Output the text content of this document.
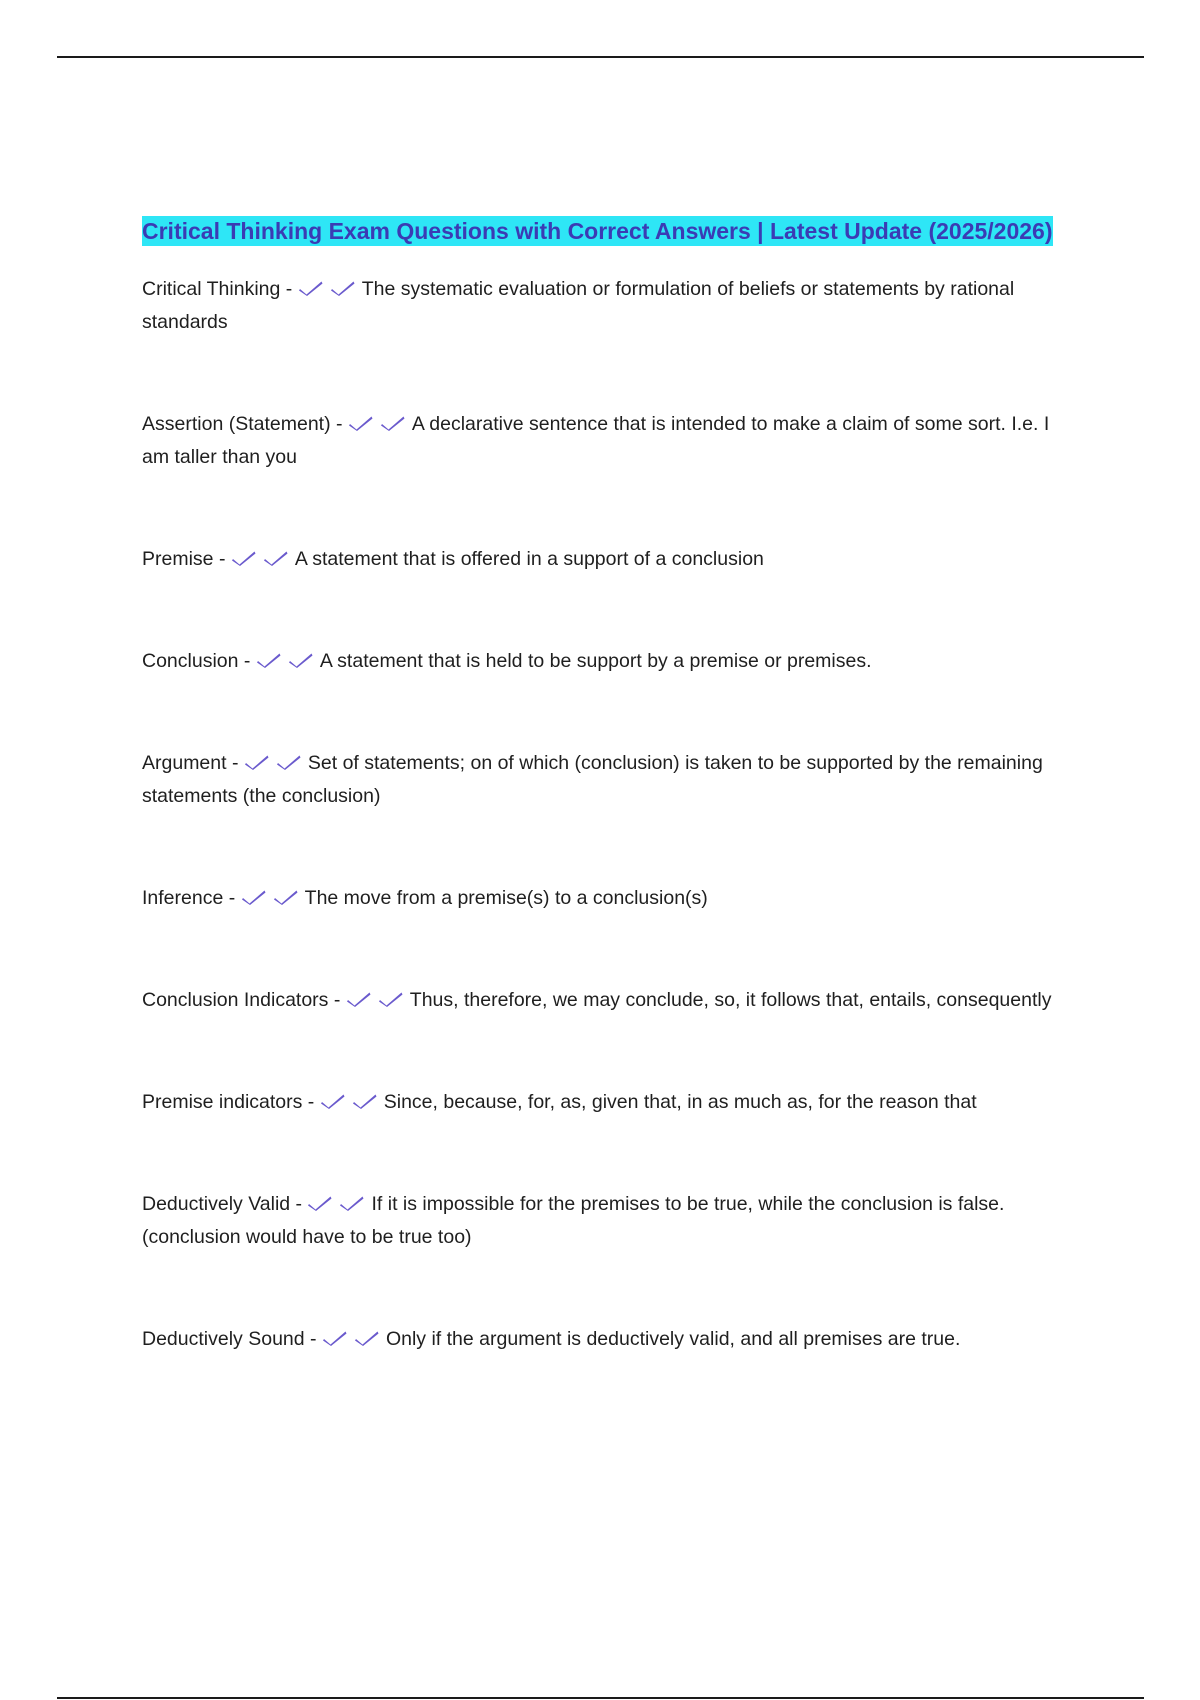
Critical Thinking Exam Questions with Correct Answers | Latest Update (2025/2026)

Critical Thinking -	The systematic evaluation or formulation of beliefs or statements by rational standards

Assertion (Statement) -	A declarative sentence that is intended to make a claim of some sort. I.e. I am taller than you

Premise -	A statement that is offered in a support of a conclusion

Conclusion -	A statement that is held to be support by a premise or premises.

Argument -	Set of statements; on of which (conclusion) is taken to be supported by the remaining statements (the conclusion)

Inference -	The move from a premise(s) to a conclusion(s)

Conclusion Indicators -	Thus, therefore, we may conclude, so, it follows that, entails, consequently

Premise indicators -	Since, because, for, as, given that, in as much as, for the reason that

Deductively Valid -	If it is impossible for the premises to be true, while the conclusion is false. (conclusion would have to be true too)

Deductively Sound -	Only if the argument is deductively valid, and all premises are true.
